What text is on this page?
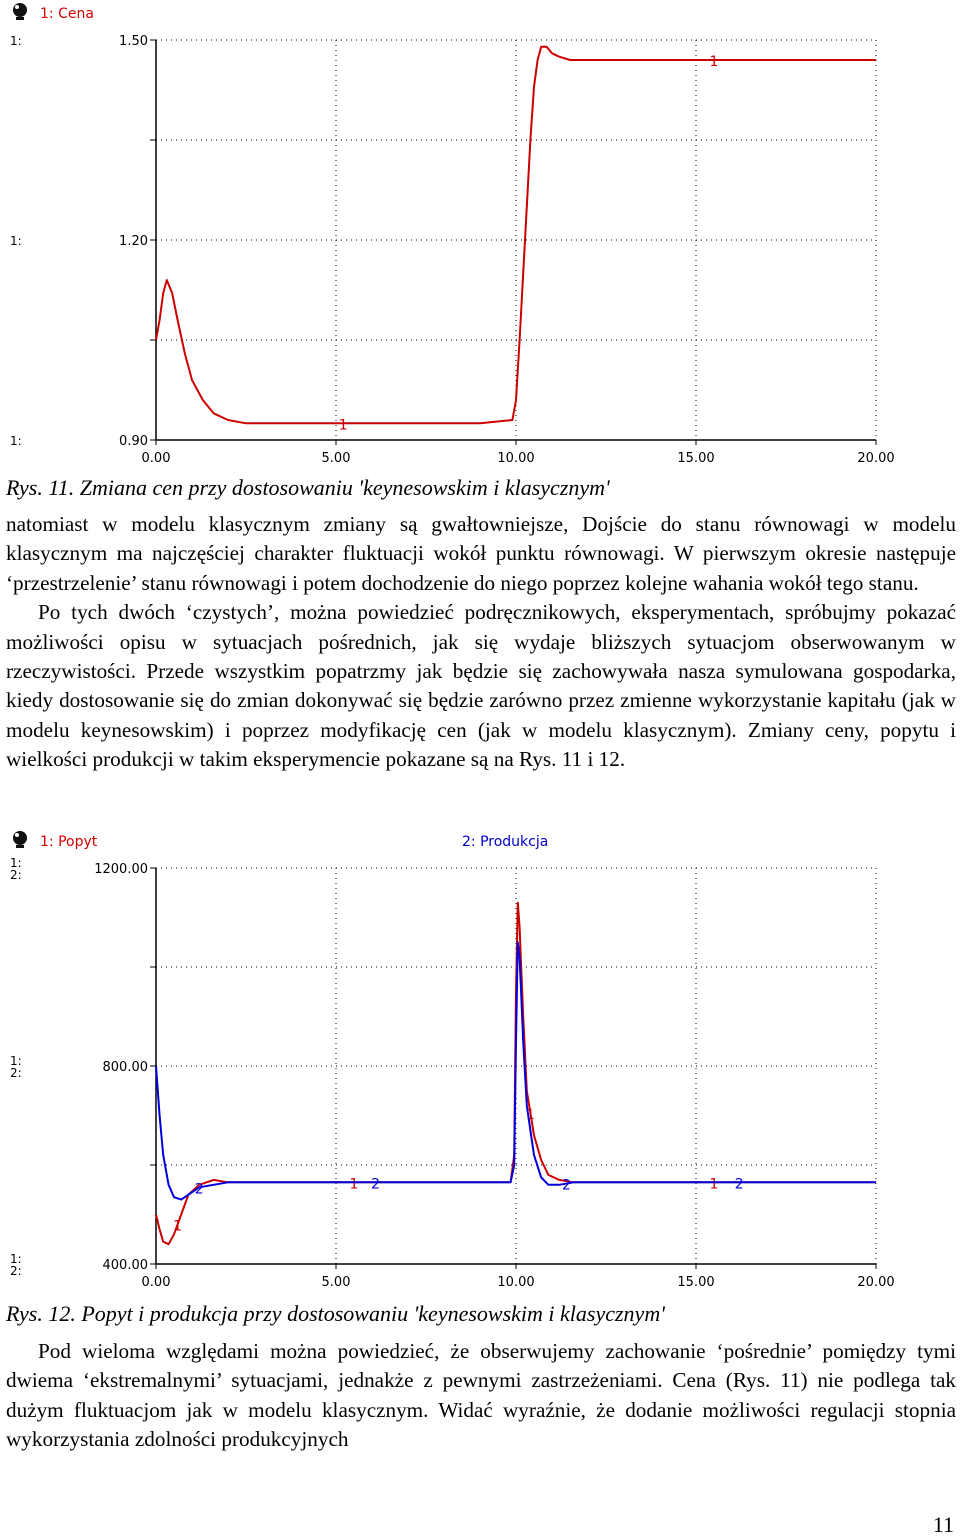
1: Cena
1.50
1:
1.20
1:
0.90
1:
0.00	5.00	10.00	15.00	20.00
1
1
Rys. 11. Zmiana cen przy dostosowaniu 'keynesowskim i klasycznym'

natomiast w modelu klasycznym zmiany są gwałtowniejsze, Dojście do stanu równowagi w modelu klasycznym ma najczęściej charakter fluktuacji wokół punktu równowagi. W pierwszym okresie następuje ‘przestrzelenie’ stanu równowagi i potem dochodzenie do niego poprzez kolejne wahania wokół tego stanu.

Po tych dwóch ‘czystych’, można powiedzieć podręcznikowych, eksperymentach, spróbujmy pokazać możliwości opisu w sytuacjach pośrednich, jak się wydaje bliższych sytuacjom obserwowanym w rzeczywistości. Przede wszystkim popatrzmy jak będzie się zachowywała nasza symulowana gospodarka, kiedy dostosowanie się do zmian dokonywać się będzie zarówno przez zmienne wykorzystanie kapitału (jak w modelu keynesowskim) i poprzez modyfikację cen (jak w modelu klasycznym). Zmiany ceny, popytu i wielkości produkcji w takim eksperymencie pokazane są na Rys. 11 i 12.

1: Popyt	2: Produkcja
1200.00
1:
2:
800.00
1:
2:
400.00
1:
2:
0.00	5.00	10.00	15.00	20.00
1
1
1
1
2	2	2	2
Rys. 12. Popyt i produkcja przy dostosowaniu 'keynesowskim i klasycznym'

Pod wieloma względami można powiedzieć, że obserwujemy zachowanie ‘pośrednie’ pomiędzy tymi dwiema ‘ekstremalnymi’ sytuacjami, jednakże z pewnymi zastrzeżeniami. Cena (Rys. 11) nie podlega tak dużym fluktuacjom jak w modelu klasycznym. Widać wyraźnie, że dodanie możliwości regulacji stopnia wykorzystania zdolności produkcyjnych

11
